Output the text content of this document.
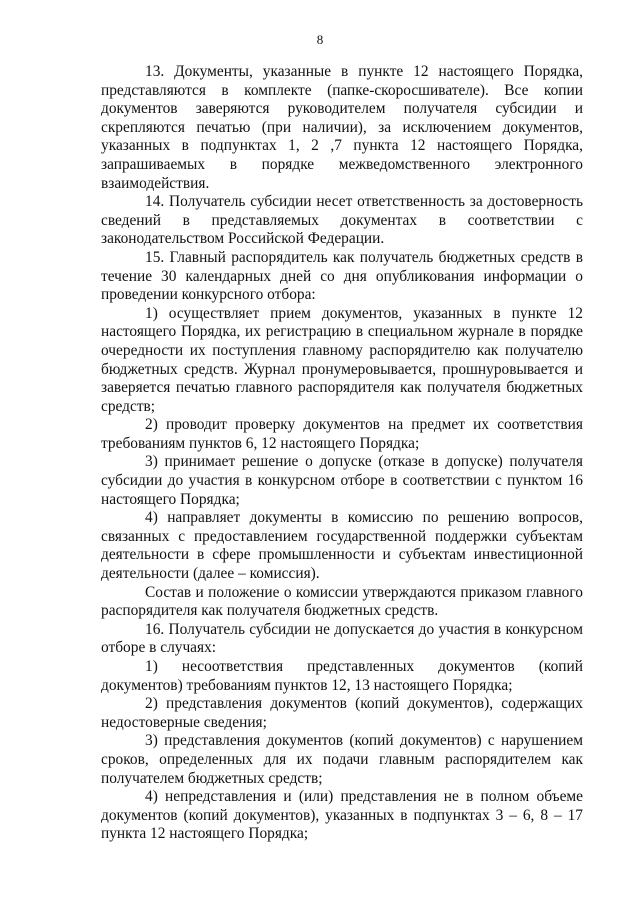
8

13. Документы, указанные в пункте 12 настоящего Порядка, представляются в комплекте (папке-скоросшивателе). Все копии документов заверяются руководителем получателя субсидии и скрепляются печатью (при наличии), за исключением документов, указанных в подпунктах 1, 2 ,7 пункта 12 настоящего Порядка, запрашиваемых в порядке межведомственного электронного взаимодействия.

14. Получатель субсидии несет ответственность за достоверность сведений в представляемых документах в соответствии с законодательством Российской Федерации.

15. Главный распорядитель как получатель бюджетных средств в течение 30 календарных дней со дня опубликования информации о проведении конкурсного отбора:

1) осуществляет прием документов, указанных в пункте 12 настоящего Порядка, их регистрацию в специальном журнале в порядке очередности их поступления главному распорядителю как получателю бюджетных средств. Журнал пронумеровывается, прошнуровывается и заверяется печатью главного распорядителя как получателя бюджетных средств;

2) проводит проверку документов на предмет их соответствия требованиям пунктов 6, 12 настоящего Порядка;

3) принимает решение о допуске (отказе в допуске) получателя субсидии до участия в конкурсном отборе в соответствии с пунктом 16 настоящего Порядка;

4) направляет документы в комиссию по решению вопросов, связанных с предоставлением государственной поддержки субъектам деятельности в сфере промышленности и субъектам инвестиционной деятельности (далее – комиссия).

Состав и положение о комиссии утверждаются приказом главного распорядителя как получателя бюджетных средств.

16. Получатель субсидии не допускается до участия в конкурсном отборе в случаях:

1) несоответствия представленных документов (копий документов) требованиям пунктов 12, 13 настоящего Порядка;

2) представления документов (копий документов), содержащих недостоверные сведения;

3) представления документов (копий документов) с нарушением сроков, определенных для их подачи главным распорядителем как получателем бюджетных средств;

4) непредставления и (или) представления не в полном объеме документов (копий документов), указанных в подпунктах 3 – 6, 8 – 17 пункта 12 настоящего Порядка;
